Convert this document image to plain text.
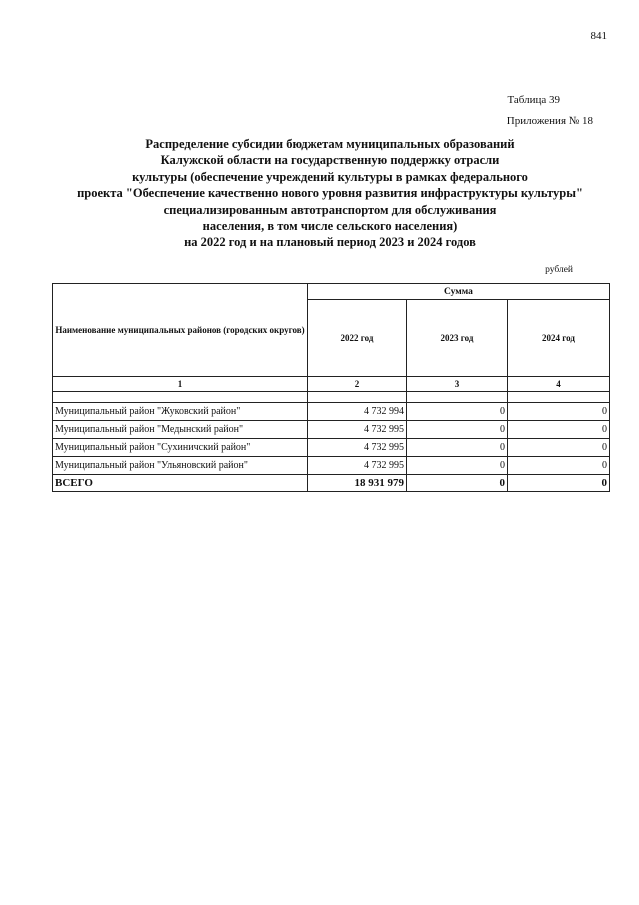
841
Таблица 39
Приложения № 18
Распределение субсидии бюджетам муниципальных образований
Калужской области на государственную поддержку отрасли
культуры (обеспечение учреждений культуры в рамках федерального
проекта "Обеспечение качественно нового уровня развития инфраструктуры культуры"
специализированным автотранспортом для обслуживания
населения, в том числе сельского населения)
на 2022 год и на плановый период 2023 и 2024 годов
рублей
Наименование муниципальных районов (городских округов)	Сумма		
	2022 год	2023 год	2024 год
1	2	3	4

Муниципальный район "Жуковский район"	4 732 994	0	0
Муниципальный район "Медынский район"	4 732 995	0	0
Муниципальный район "Сухиничский район"	4 732 995	0	0
Муниципальный район "Ульяновский район"	4 732 995	0	0
ВСЕГО	18 931 979	0	0
